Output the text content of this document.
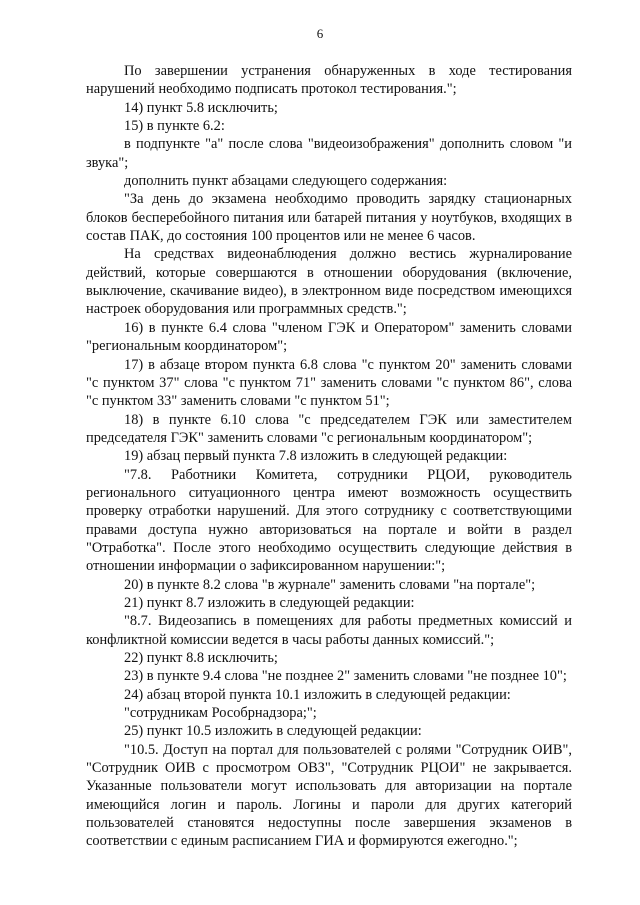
6

По завершении устранения обнаруженных в ходе тестирования нарушений необходимо подписать протокол тестирования.";

14) пункт 5.8 исключить;

15) в пункте 6.2:

в подпункте "а" после слова "видеоизображения" дополнить словом "и звука";

дополнить пункт абзацами следующего содержания:

"За день до экзамена необходимо проводить зарядку стационарных блоков бесперебойного питания или батарей питания у ноутбуков, входящих в состав ПАК, до состояния 100 процентов или не менее 6 часов.

На средствах видеонаблюдения должно вестись журналирование действий, которые совершаются в отношении оборудования (включение, выключение, скачивание видео), в электронном виде посредством имеющихся настроек оборудования или программных средств.";

16) в пункте 6.4 слова "членом ГЭК и Оператором" заменить словами "региональным координатором";

17) в абзаце втором пункта 6.8 слова "с пунктом 20" заменить словами "с пунктом 37" слова "с пунктом 71" заменить словами "с пунктом 86", слова "с пунктом 33" заменить словами "с пунктом 51";

18) в пункте 6.10 слова "с председателем ГЭК или заместителем председателя ГЭК" заменить словами "с региональным координатором";

19) абзац первый пункта 7.8 изложить в следующей редакции:

"7.8. Работники Комитета, сотрудники РЦОИ, руководитель регионального ситуационного центра имеют возможность осуществить проверку отработки нарушений. Для этого сотруднику с соответствующими правами доступа нужно авторизоваться на портале и войти в раздел "Отработка". После этого необходимо осуществить следующие действия в отношении информации о зафиксированном нарушении:";

20) в пункте 8.2 слова "в журнале" заменить словами "на портале";

21) пункт 8.7 изложить в следующей редакции:

"8.7. Видеозапись в помещениях для работы предметных комиссий и конфликтной комиссии ведется в часы работы данных комиссий.";

22) пункт 8.8 исключить;

23) в пункте 9.4 слова "не позднее 2" заменить словами "не позднее 10";

24) абзац второй пункта 10.1 изложить в следующей редакции:

"сотрудникам Рособрнадзора;";

25) пункт 10.5 изложить в следующей редакции:

"10.5. Доступ на портал для пользователей с ролями "Сотрудник ОИВ", "Сотрудник ОИВ с просмотром ОВЗ", "Сотрудник РЦОИ" не закрывается. Указанные пользователи могут использовать для авторизации на портале имеющийся логин и пароль. Логины и пароли для других категорий пользователей становятся недоступны после завершения экзаменов в соответствии с единым расписанием ГИА и формируются ежегодно.";
